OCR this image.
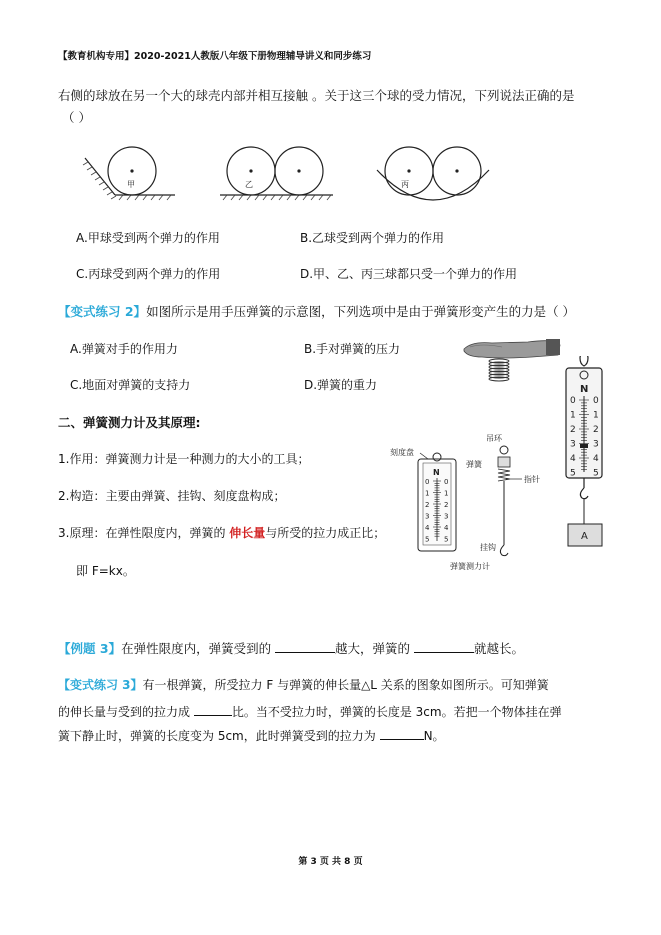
【教育机构专用】2020-2021人教版八年级下册物理辅导讲义和同步练习
右侧的球放在另一个大的球壳内部并相互接触 。关于这三个球的受力情况，下列说法正确的是
（ ）
甲	乙	丙
A.甲球受到两个弹力的作用	B.乙球受到两个弹力的作用
C.丙球受到两个弹力的作用	D.甲、乙、丙三球都只受一个弹力的作用
【变式练习 2】如图所示是用手压弹簧的示意图，下列选项中是由于弹簧形变产生的力是（ ）
A.弹簧对手的作用力	B.手对弹簧的压力
C.地面对弹簧的支持力	D.弹簧的重力	N
0 0
1 1
2 2
3 3
4 4
5 5
A
二、弹簧测力计及其原理:
1.作用：弹簧测力计是一种测力的大小的工具；
2.构造：主要由弹簧、挂钩、刻度盘构成；
3.原理：在弹性限度内，弹簧的 伸长量与所受的拉力成正比；
即 F=kx。
刻度盘
N
0 0
1 1
2 2
3 3
4 4
5 5
吊环
弹簧
指针
挂钩
弹簧测力计
【例题 3】在弹性限度内，弹簧受到的	越大，弹簧的	就越长。
【变式练习 3】有一根弹簧，所受拉力 F 与弹簧的伸长量△L 关系的图象如图所示。可知弹簧
的伸长量与受到的拉力成	比。当不受拉力时，弹簧的长度是 3cm。若把一个物体挂在弹
簧下静止时，弹簧的长度变为 5cm，此时弹簧受到的拉力为	N。
第 3 页 共 8 页
